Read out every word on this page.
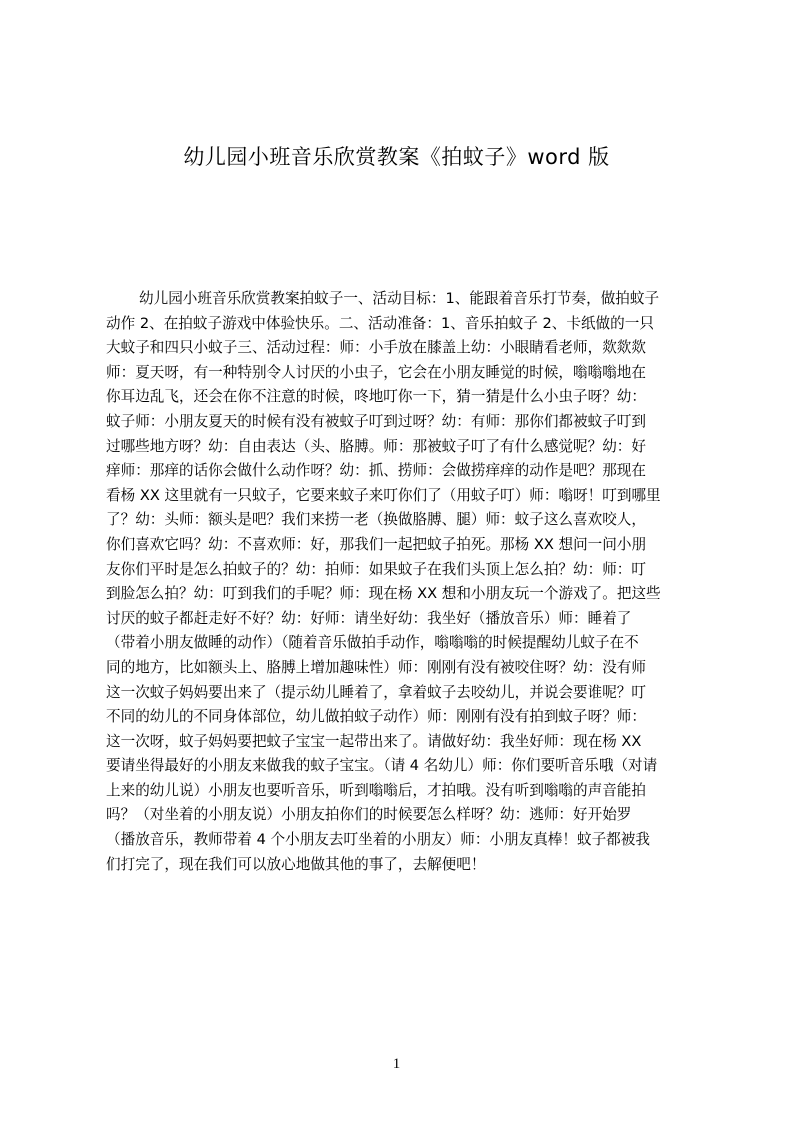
幼儿园小班音乐欣赏教案《拍蚊子》word 版
幼儿园小班音乐欣赏教案拍蚊子一、活动目标：1、能跟着音乐打节奏，做拍蚊子
动作 2、在拍蚊子游戏中体验快乐。二、活动准备：1、音乐拍蚊子 2、卡纸做的一只
大蚊子和四只小蚊子三、活动过程：师：小手放在膝盖上幼：小眼睛看老师，欻欻欻
师：夏天呀，有一种特别令人讨厌的小虫子，它会在小朋友睡觉的时候，嗡嗡嗡地在
你耳边乱飞，还会在你不注意的时候，咚地叮你一下，猜一猜是什么小虫子呀？幼：
蚊子师：小朋友夏天的时候有没有被蚊子叮到过呀？幼：有师：那你们都被蚊子叮到
过哪些地方呀？幼：自由表达（头、胳膊。师：那被蚊子叮了有什么感觉呢？幼：好
痒师：那痒的话你会做什么动作呀？幼：抓、捞师：会做捞痒痒的动作是吧？那现在
看杨 XX 这里就有一只蚊子，它要来蚊子来叮你们了（用蚊子叮）师：嗡呀！叮到哪里
了？幼：头师：额头是吧？我们来捞一老（换做胳膊、腿）师：蚊子这么喜欢咬人，
你们喜欢它吗？幼：不喜欢师：好，那我们一起把蚊子拍死。那杨 XX 想问一问小朋
友你们平时是怎么拍蚊子的？幼：拍师：如果蚊子在我们头顶上怎么拍？幼：师：叮
到脸怎么拍？幼：叮到我们的手呢？师：现在杨 XX 想和小朋友玩一个游戏了。把这些
讨厌的蚊子都赶走好不好？幼：好师：请坐好幼：我坐好（播放音乐）师：睡着了
（带着小朋友做睡的动作）（随着音乐做拍手动作，嗡嗡嗡的时候提醒幼儿蚊子在不
同的地方，比如额头上、胳膊上增加趣味性）师：刚刚有没有被咬住呀？幼：没有师
这一次蚊子妈妈要出来了（提示幼儿睡着了，拿着蚊子去咬幼儿，并说会要谁呢？叮
不同的幼儿的不同身体部位，幼儿做拍蚊子动作）师：刚刚有没有拍到蚊子呀？师：
这一次呀，蚊子妈妈要把蚊子宝宝一起带出来了。请做好幼：我坐好师：现在杨 XX
要请坐得最好的小朋友来做我的蚊子宝宝。（请 4 名幼儿）师：你们要听音乐哦（对请
上来的幼儿说）小朋友也要听音乐，听到嗡嗡后，才拍哦。没有听到嗡嗡的声音能拍
吗？（对坐着的小朋友说）小朋友拍你们的时候要怎么样呀？幼：逃师：好开始罗
（播放音乐，教师带着 4 个小朋友去叮坐着的小朋友）师：小朋友真棒！蚊子都被我
们打完了，现在我们可以放心地做其他的事了，去解便吧！
1
